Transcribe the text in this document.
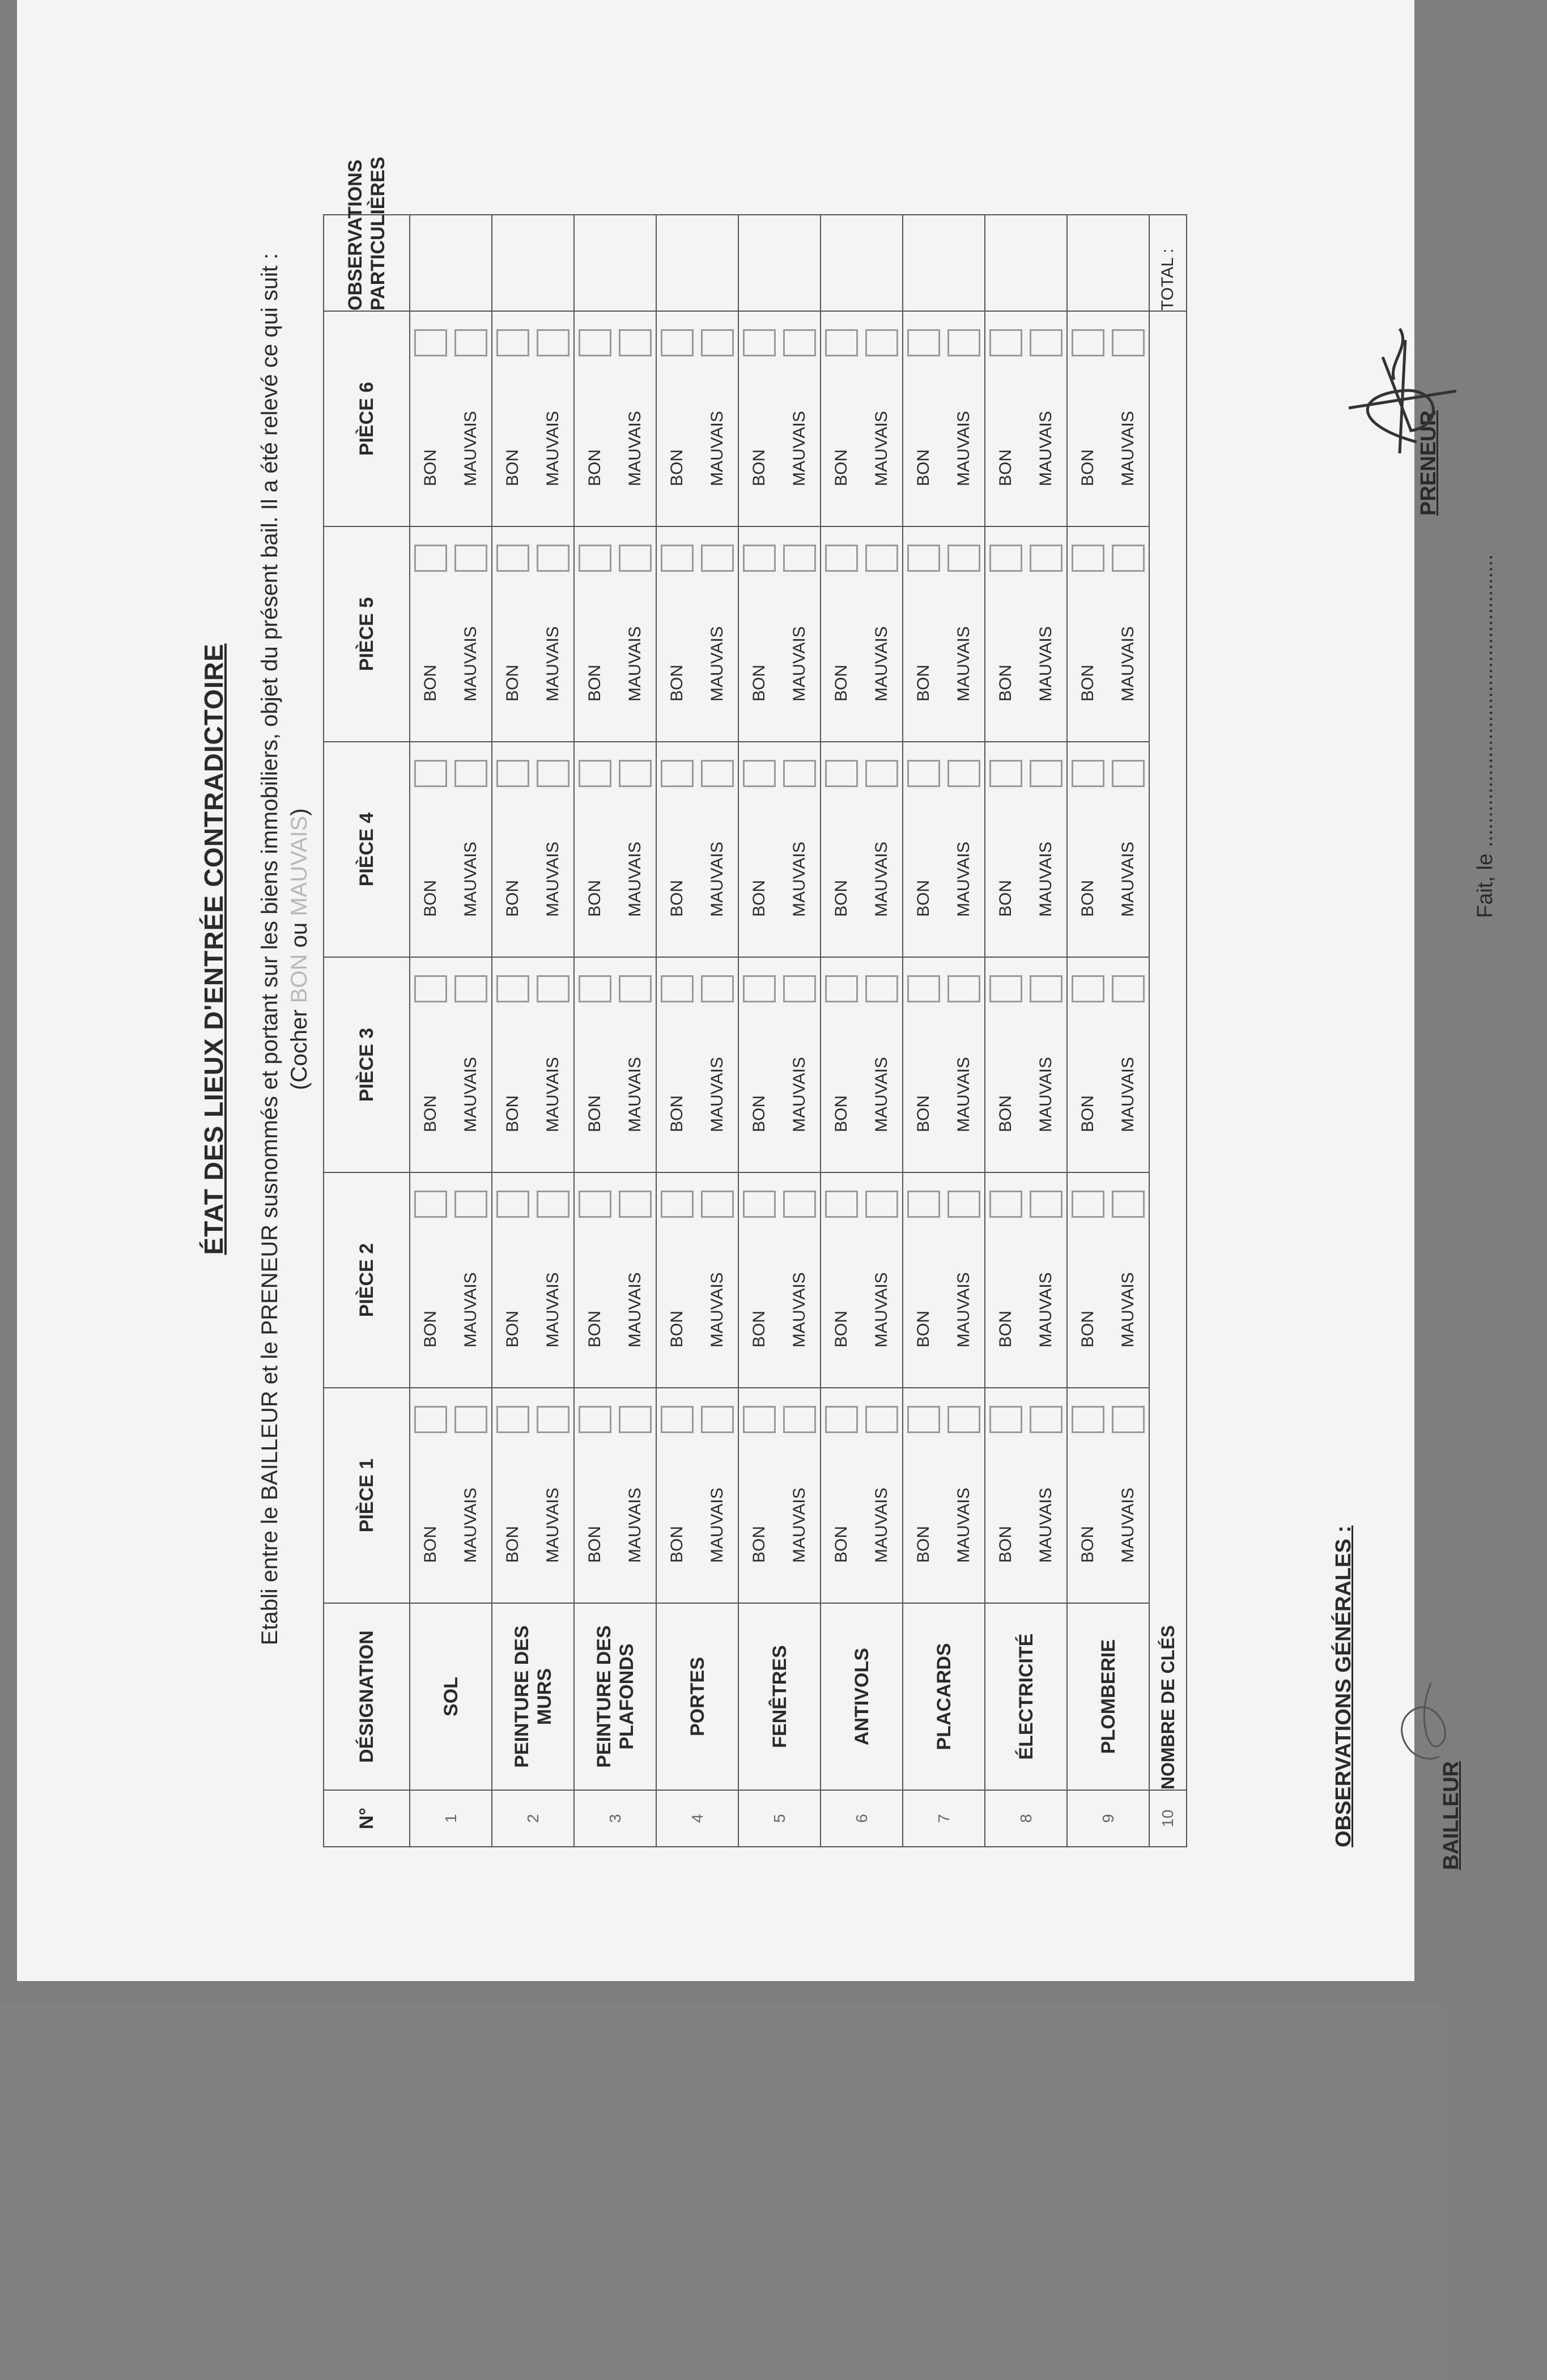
ÉTAT DES LIEUX D'ENTRÉE CONTRADICTOIRE Etabli entre le BAILLEUR et le PRENEUR susnommés et portant sur les biens immobiliers, objet du présent bail. Il a été relevé ce qui suit : (Cocher BON ou MAUVAIS)
N°	DÉSIGNATION	PIÈCE 1	PIÈCE 2	PIÈCE 3	PIÈCE 4	PIÈCE 5	PIÈCE 6	OBSERVATIONS PARTICULIÈRES
1	SOL	BON MAUVAIS	BON MAUVAIS	BON MAUVAIS	BON MAUVAIS	BON MAUVAIS	BON MAUVAIS	

2	PEINTURE DES MURS	BON MAUVAIS	BON MAUVAIS	BON MAUVAIS	BON MAUVAIS	BON MAUVAIS	BON MAUVAIS	

3	PEINTURE DES PLAFONDS	BON MAUVAIS	BON MAUVAIS	BON MAUVAIS	BON MAUVAIS	BON MAUVAIS	BON MAUVAIS	

4	PORTES	BON MAUVAIS	BON MAUVAIS	BON MAUVAIS	BON MAUVAIS	BON MAUVAIS	BON MAUVAIS	

5	FENÊTRES	BON MAUVAIS	BON MAUVAIS	BON MAUVAIS	BON MAUVAIS	BON MAUVAIS	BON MAUVAIS	

6	ANTIVOLS	BON MAUVAIS	BON MAUVAIS	BON MAUVAIS	BON MAUVAIS	BON MAUVAIS	BON MAUVAIS	

7	PLACARDS	BON MAUVAIS	BON MAUVAIS	BON MAUVAIS	BON MAUVAIS	BON MAUVAIS	BON MAUVAIS	

8	ÉLECTRICITÉ	BON MAUVAIS	BON MAUVAIS	BON MAUVAIS	BON MAUVAIS	BON MAUVAIS	BON MAUVAIS	

9	PLOMBERIE	BON MAUVAIS	BON MAUVAIS	BON MAUVAIS	BON MAUVAIS	BON MAUVAIS	BON MAUVAIS	

10	NOMBRE DE CLÉS							TOTAL :
OBSERVATIONS GÉNÉRALES :
Fait, le .................................................
BAILLEUR
PRENEUR
